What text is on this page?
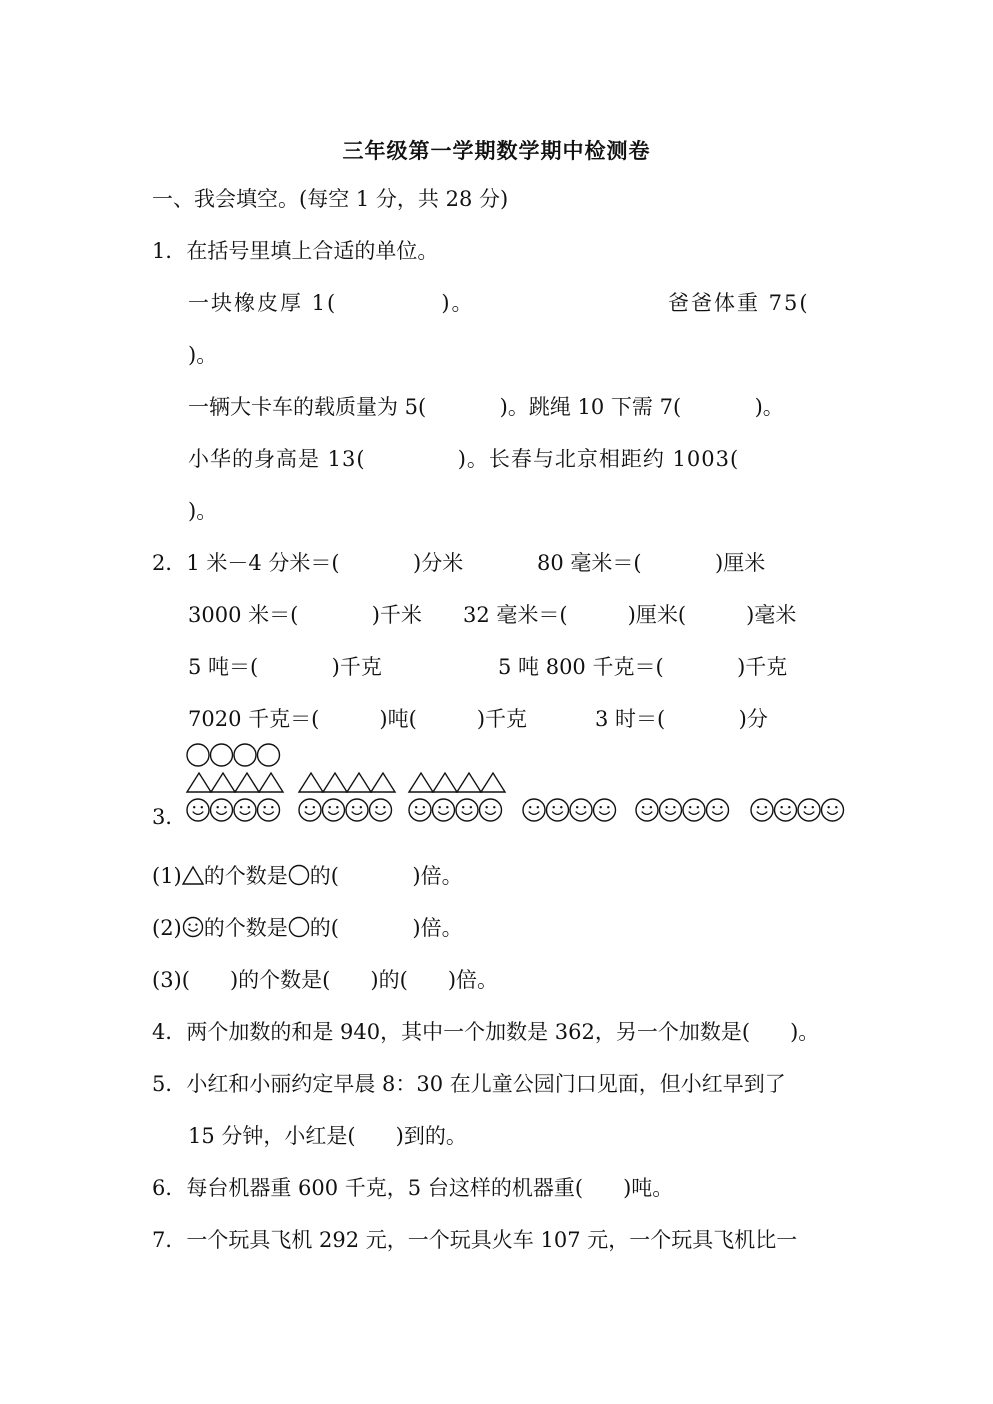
三年级第一学期数学期中检测卷
一、我会填空。(每空 1 分，共 28 分)
1．在括号里填上合适的单位。
一块橡皮厚 1(            )。	爸爸体重 75(
)。
一辆大卡车的载质量为 5(           )。跳绳 10 下需 7(           )。
小华的身高是 13(            )。长春与北京相距约 1003(
)。
2．1 米－4 分米＝(           )分米	80 毫米＝(           )厘米
3000 米＝(           )千米 32 毫米＝(         )厘米(         )毫米
5 吨＝(           )千克	5 吨 800 千克＝(           )千克
7020 千克＝(         )吨(         )千克	3 时＝(           )分
3．
(1) 的个数是 的(           )倍。
(2) 的个数是 的(           )倍。
(3)(      )的个数是(      )的(      )倍。
4．两个加数的和是 940，其中一个加数是 362，另一个加数是(      )。
5．小红和小丽约定早晨 8：30 在儿童公园门口见面，但小红早到了
15 分钟，小红是(      )到的。
6．每台机器重 600 千克，5 台这样的机器重(      )吨。
7．一个玩具飞机 292 元，一个玩具火车 107 元，一个玩具飞机比一
